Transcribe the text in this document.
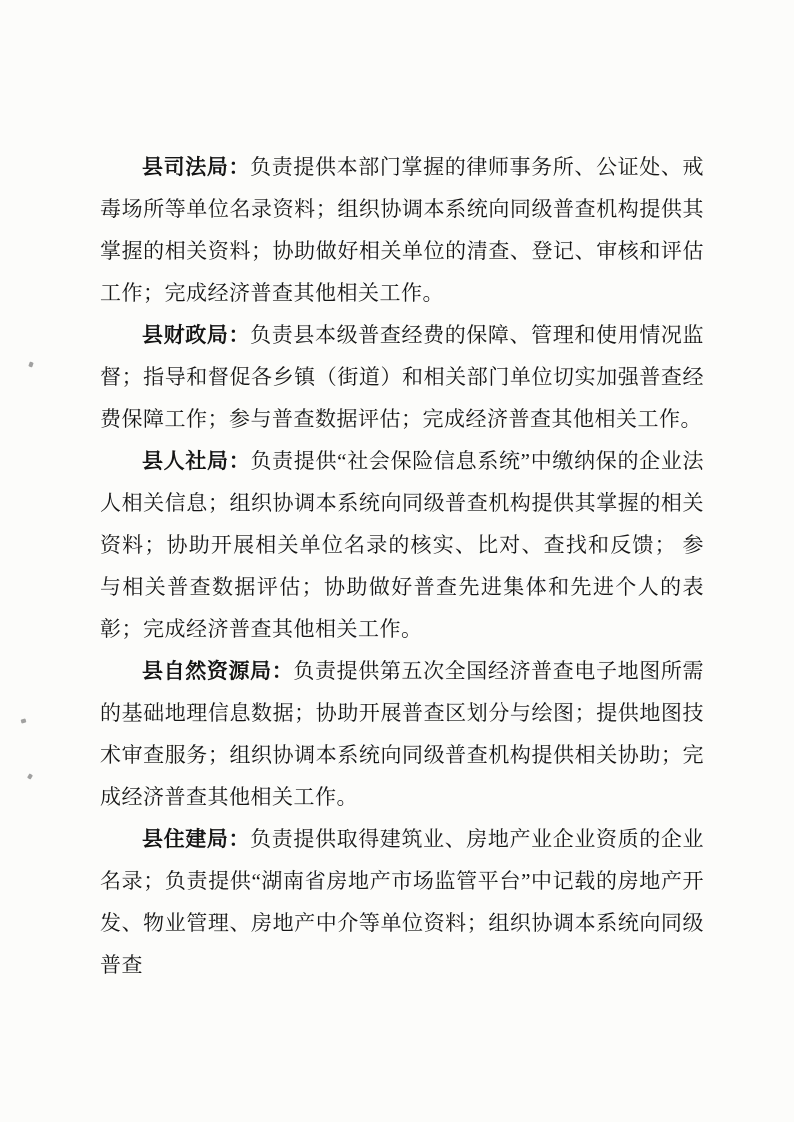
县司法局：负责提供本部门掌握的律师事务所、公证处、戒 毒场所等单位名录资料；组织协调本系统向同级普查机构提供其 掌握的相关资料；协助做好相关单位的清查、登记、审核和评估工作；完成经济普查其他相关工作。

县财政局：负责县本级普查经费的保障、管理和使用情况监督；指导和督促各乡镇（街道）和相关部门单位切实加强普查经费保障工作；参与普查数据评估；完成经济普查其他相关工作。

县人社局：负责提供“社会保险信息系统”中缴纳保的企业法人相关信息；组织协调本系统向同级普查机构提供其掌握的相关资料；协助开展相关单位名录的核实、比对、查找和反馈； 参与相关普查数据评估；协助做好普查先进集体和先进个人的表彰；完成经济普查其他相关工作。

县自然资源局：负责提供第五次全国经济普查电子地图所需的基础地理信息数据；协助开展普查区划分与绘图；提供地图技术审查服务；组织协调本系统向同级普查机构提供相关协助；完成经济普查其他相关工作。

县住建局：负责提供取得建筑业、房地产业企业资质的企业名录；负责提供“湖南省房地产市场监管平台”中记载的房地产开发、物业管理、房地产中介等单位资料；组织协调本系统向同级普查
